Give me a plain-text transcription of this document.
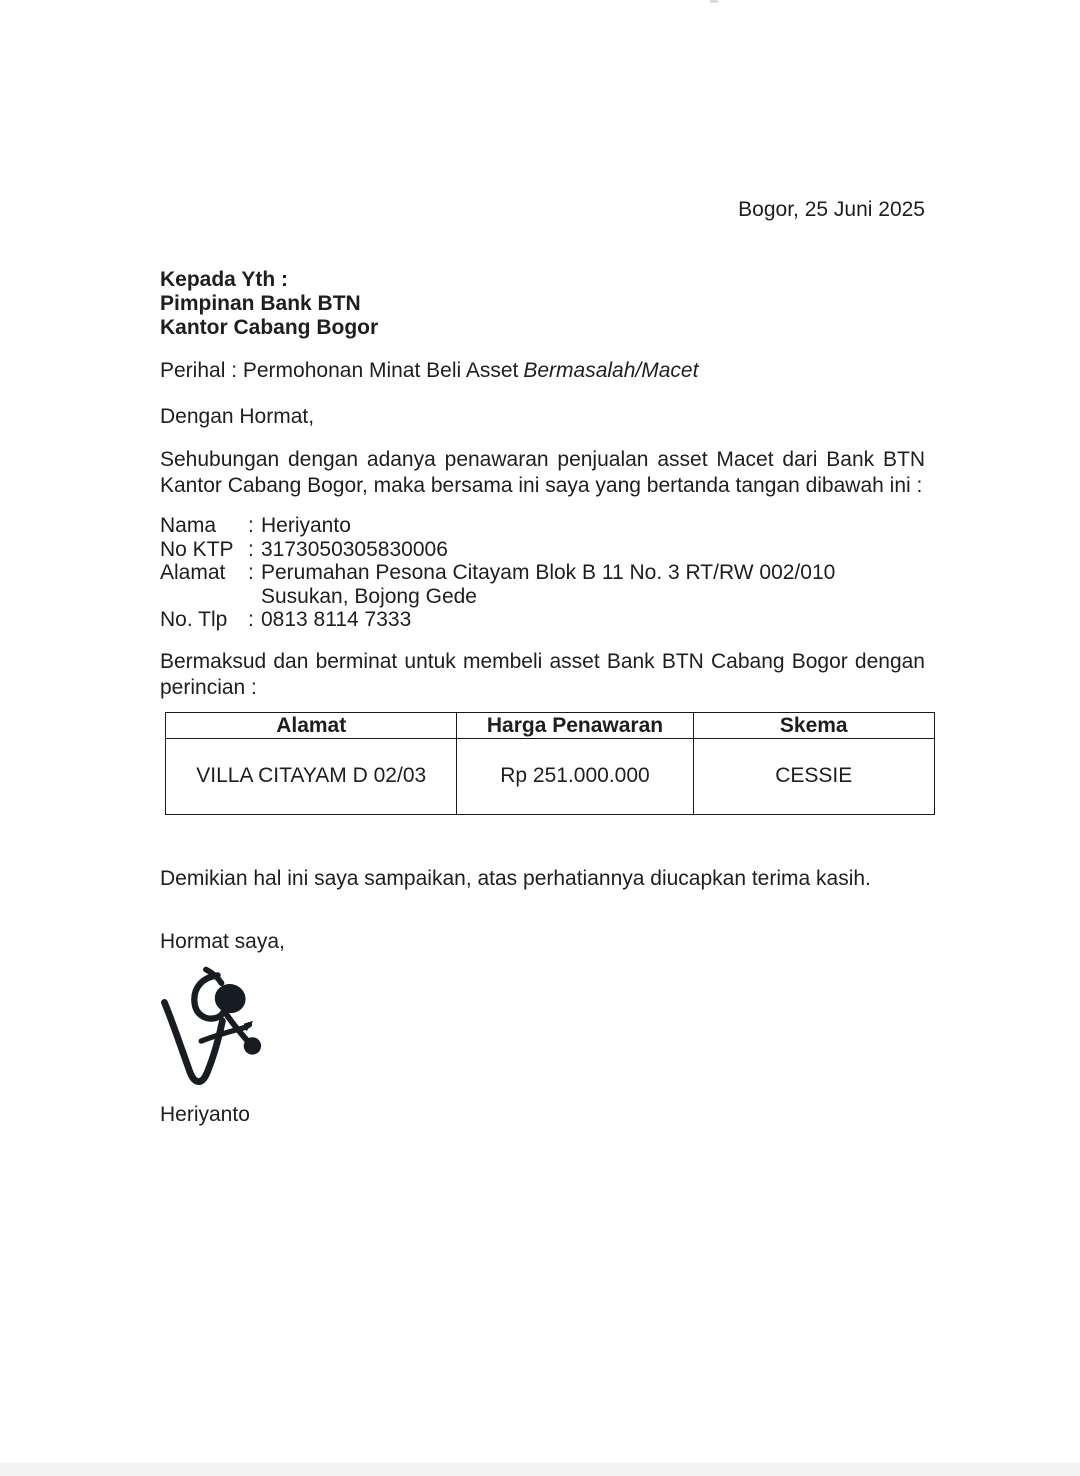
Bogor, 25 Juni 2025
Kepada Yth :
Pimpinan Bank BTN
Kantor Cabang Bogor
Perihal : Permohonan Minat Beli Asset Bermasalah/Macet
Dengan Hormat,
Sehubungan dengan adanya penawaran penjualan asset Macet dari Bank BTN Kantor Cabang Bogor, maka bersama ini saya yang bertanda tangan dibawah ini :
Nama : Heriyanto
No KTP : 3173050305830006
Alamat : Perumahan Pesona Citayam Blok B 11 No. 3 RT/RW 002/010
Susukan, Bojong Gede
No. Tlp : 0813 8114 7333
Bermaksud dan berminat untuk membeli asset Bank BTN Cabang Bogor dengan perincian :
Alamat	Harga Penawaran	Skema
VILLA CITAYAM D 02/03	Rp 251.000.000	CESSIE
Demikian hal ini saya sampaikan, atas perhatiannya diucapkan terima kasih.
Hormat saya,
Heriyanto
